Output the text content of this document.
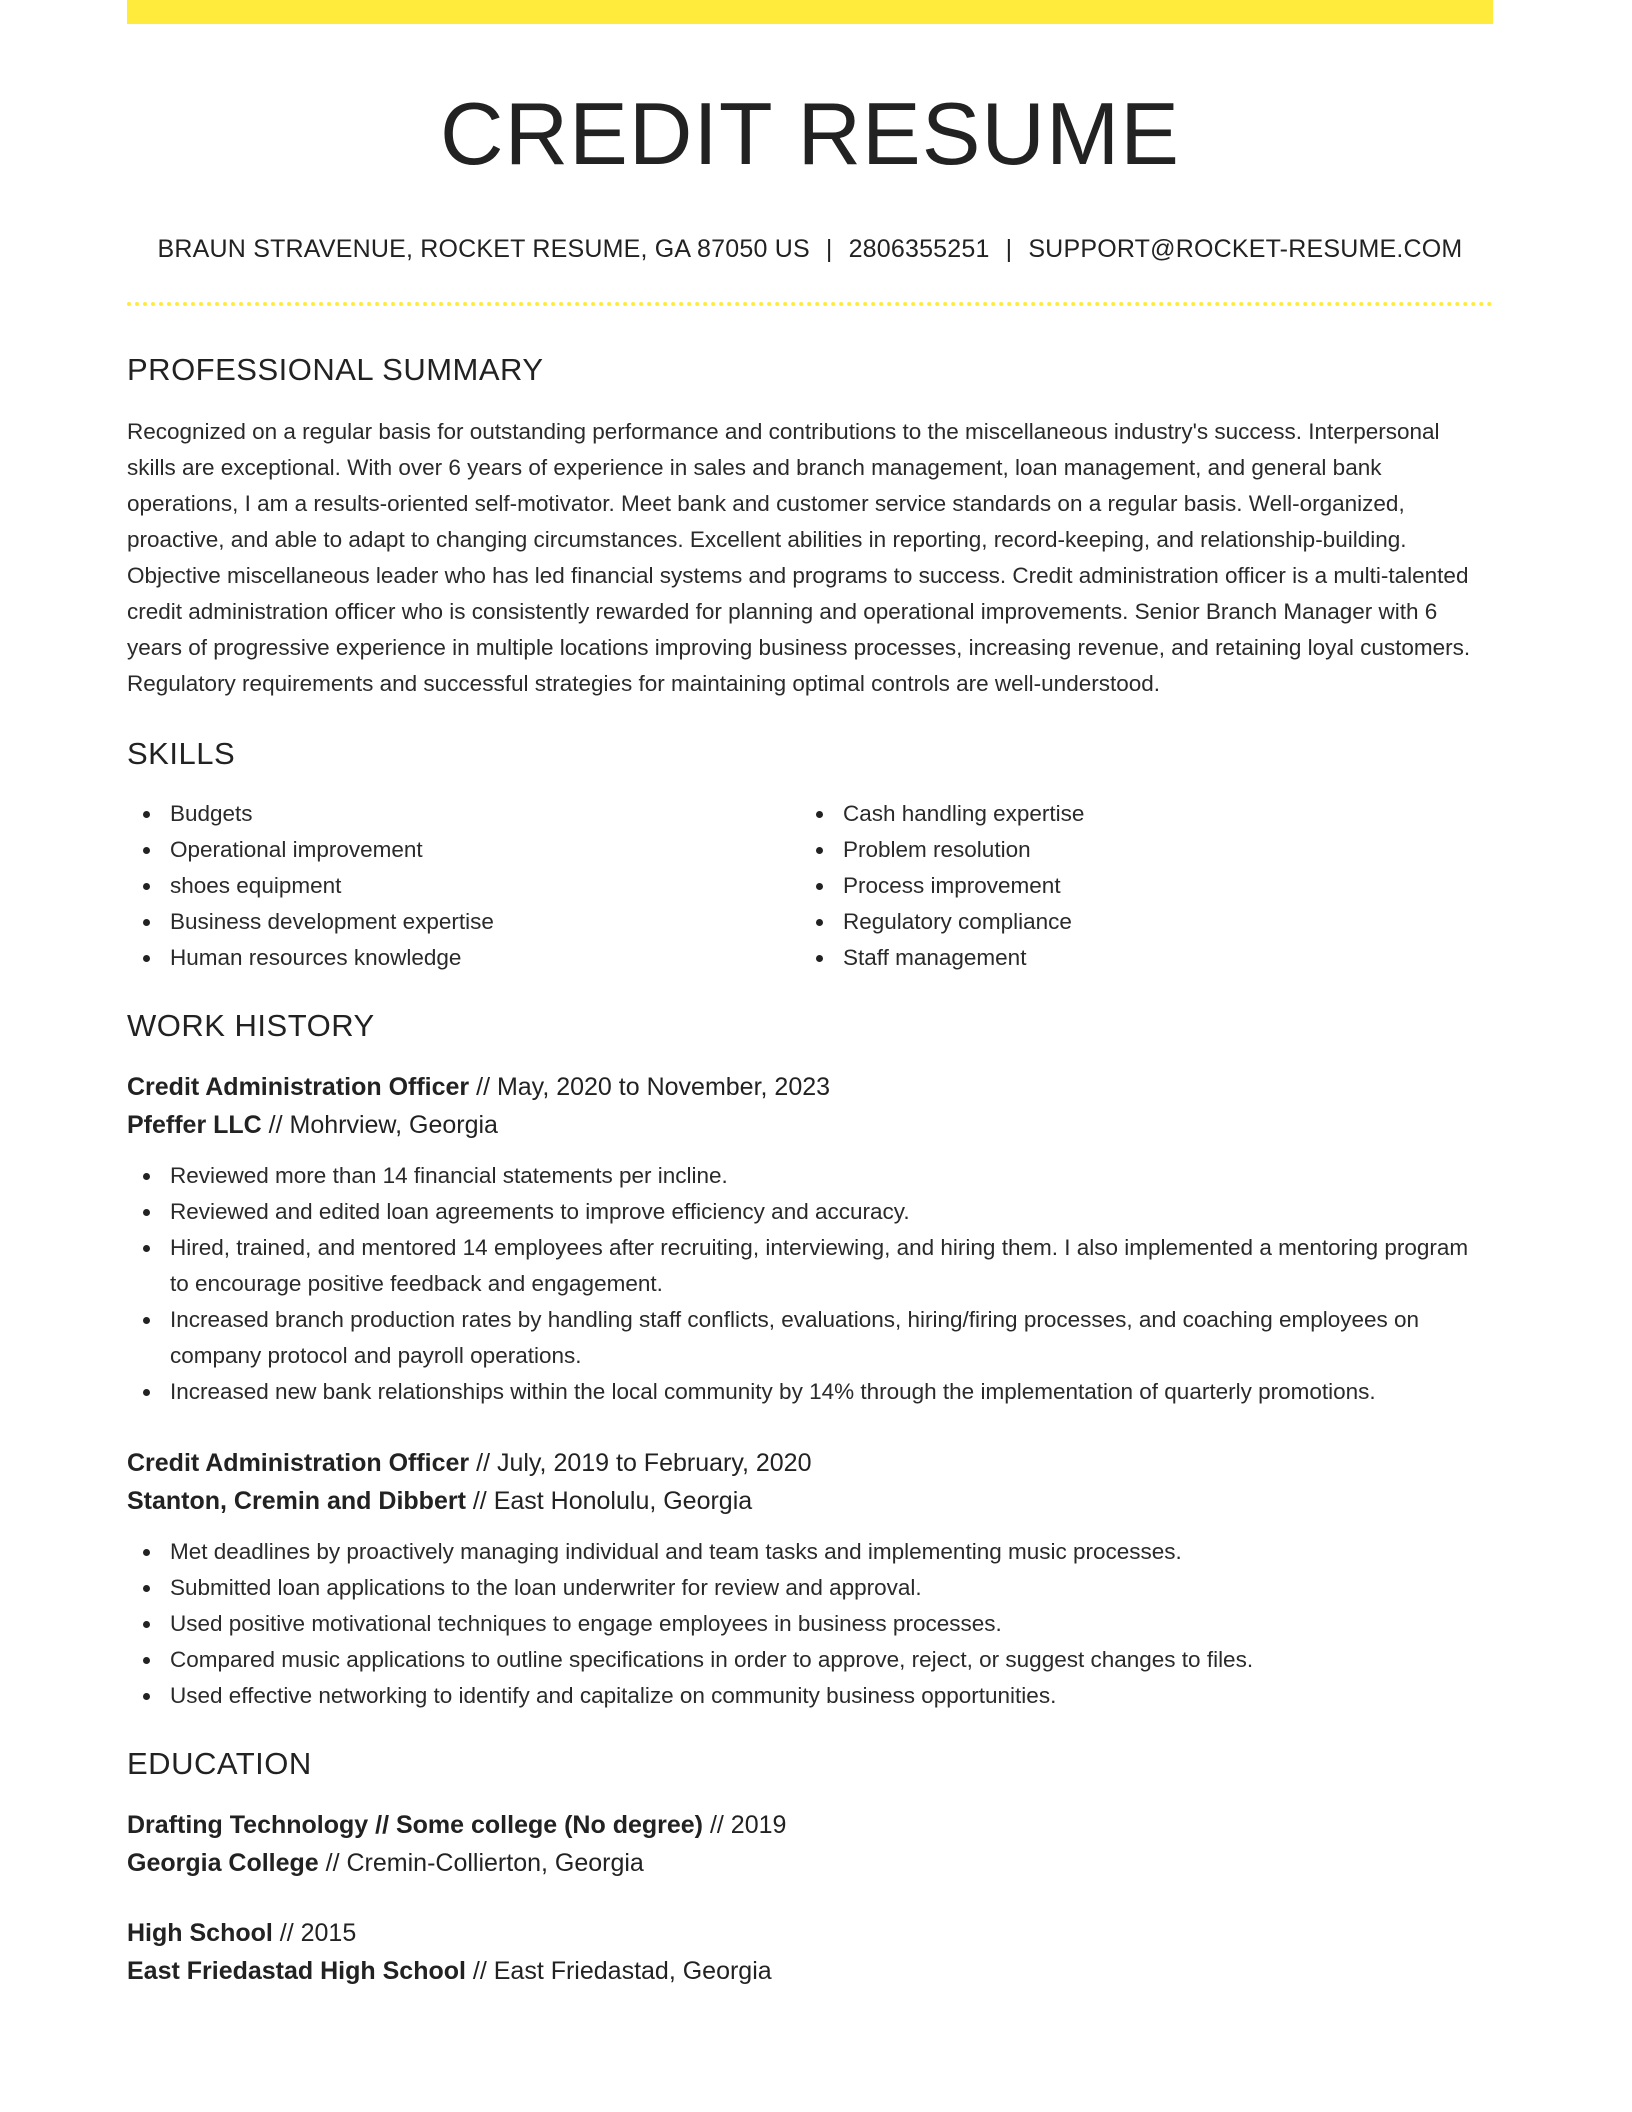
CREDIT RESUME
BRAUN STRAVENUE, ROCKET RESUME, GA 87050 US | 2806355251 | SUPPORT@ROCKET-RESUME.COM
PROFESSIONAL SUMMARY

Recognized on a regular basis for outstanding performance and contributions to the miscellaneous industry's success. Interpersonal skills are exceptional. With over 6 years of experience in sales and branch management, loan management, and general bank operations, I am a results-oriented self-motivator. Meet bank and customer service standards on a regular basis. Well-organized, proactive, and able to adapt to changing circumstances. Excellent abilities in reporting, record-keeping, and relationship-building. Objective miscellaneous leader who has led financial systems and programs to success. Credit administration officer is a multi-talented credit administration officer who is consistently rewarded for planning and operational improvements. Senior Branch Manager with 6 years of progressive experience in multiple locations improving business processes, increasing revenue, and retaining loyal customers. Regulatory requirements and successful strategies for maintaining optimal controls are well-understood.

SKILLS
Budgets
Operational improvement
shoes equipment
Business development expertise
Human resources knowledge
Cash handling expertise
Problem resolution
Process improvement
Regulatory compliance
Staff management
WORK HISTORY
Credit Administration Officer // May, 2020 to November, 2023
Pfeffer LLC // Mohrview, Georgia
Reviewed more than 14 financial statements per incline.
Reviewed and edited loan agreements to improve efficiency and accuracy.
Hired, trained, and mentored 14 employees after recruiting, interviewing, and hiring them. I also implemented a mentoring program to encourage positive feedback and engagement.
Increased branch production rates by handling staff conflicts, evaluations, hiring/firing processes, and coaching employees on company protocol and payroll operations.
Increased new bank relationships within the local community by 14% through the implementation of quarterly promotions.
Credit Administration Officer // July, 2019 to February, 2020
Stanton, Cremin and Dibbert // East Honolulu, Georgia
Met deadlines by proactively managing individual and team tasks and implementing music processes.
Submitted loan applications to the loan underwriter for review and approval.
Used positive motivational techniques to engage employees in business processes.
Compared music applications to outline specifications in order to approve, reject, or suggest changes to files.
Used effective networking to identify and capitalize on community business opportunities.
EDUCATION
Drafting Technology // Some college (No degree) // 2019
Georgia College // Cremin-Collierton, Georgia
High School // 2015
East Friedastad High School // East Friedastad, Georgia
